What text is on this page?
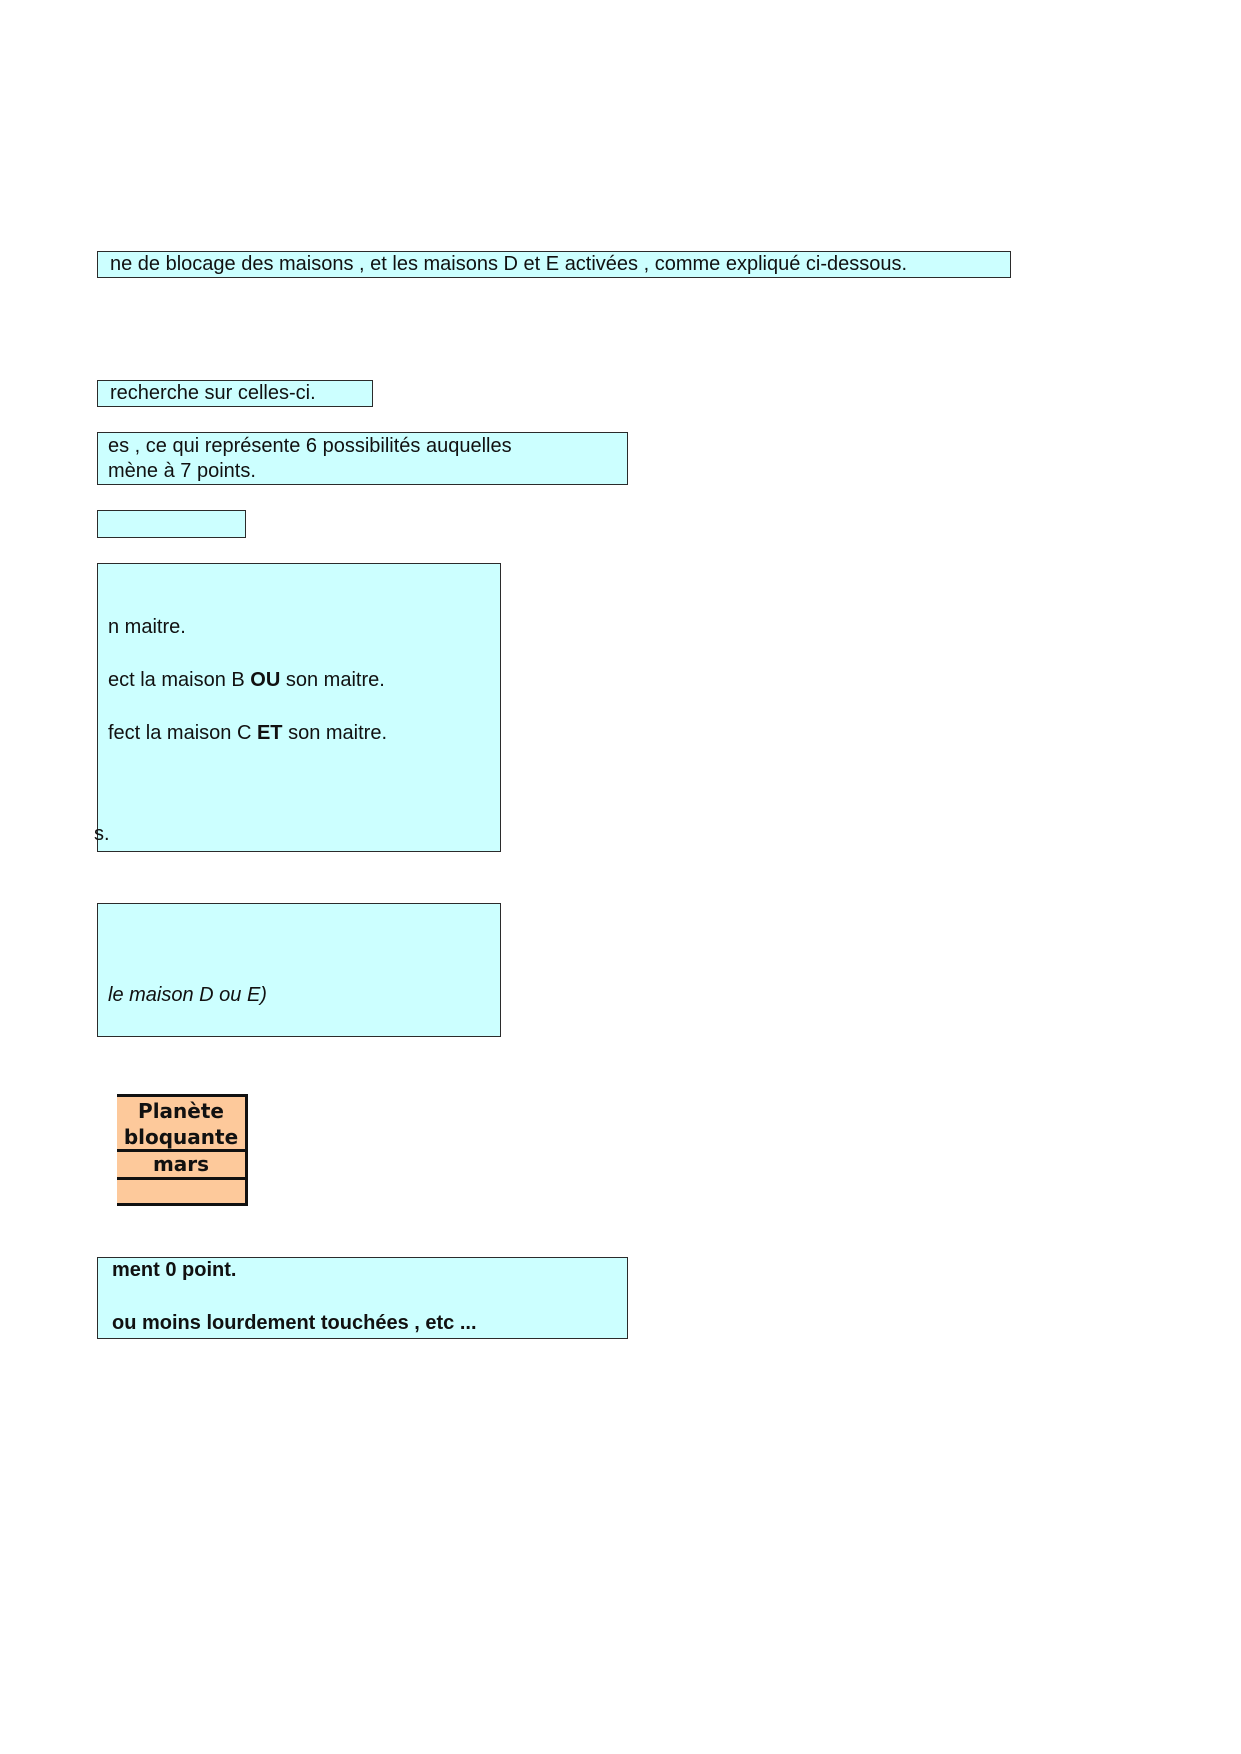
ne de blocage des maisons , et les maisons D et E activées , comme expliqué ci-dessous.
recherche sur celles-ci.
es , ce qui représente 6 possibilités auquelles
mène à 7 points.
n maitre.
ect la maison B OU son maitre.
fect la maison C ET son maitre.
s.
le maison D ou E)
Planète
bloquante
mars
ment 0 point.
ou moins lourdement touchées , etc ...
